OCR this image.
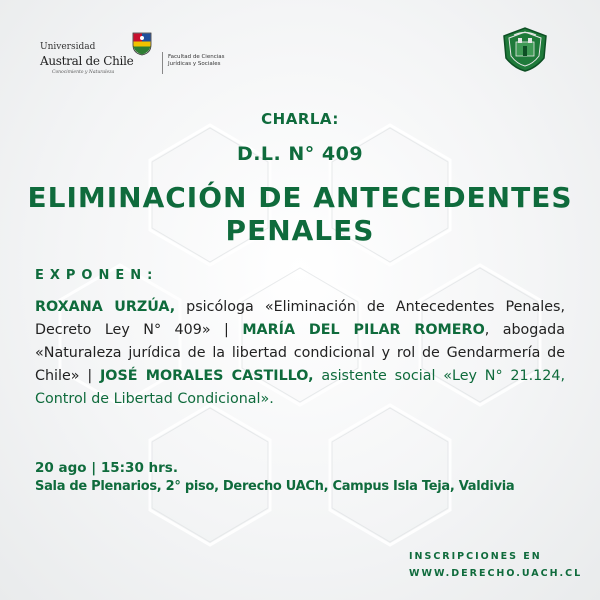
Universidad
Austral de Chile
Conocimiento y Naturaleza
Facultad de Ciencias
Jurídicas y Sociales
CHARLA:
D.L. N° 409
ELIMINACIÓN DE ANTECEDENTES
PENALES
EXPONEN:
ROXANA URZÚA, psicóloga «Eliminación de Antecedentes Penales, Decreto Ley N° 409» | MARÍA DEL PILAR ROMERO, abogada «Naturaleza jurídica de la libertad condicional y rol de Gendarmería de Chile» | JOSÉ MORALES CASTILLO, asistente social «Ley N° 21.124, Control de Libertad Condicional».
20 ago | 15:30 hrs.
Sala de Plenarios, 2° piso, Derecho UACh, Campus Isla Teja, Valdivia
INSCRIPCIONES EN
WWW.DERECHO.UACH.CL
